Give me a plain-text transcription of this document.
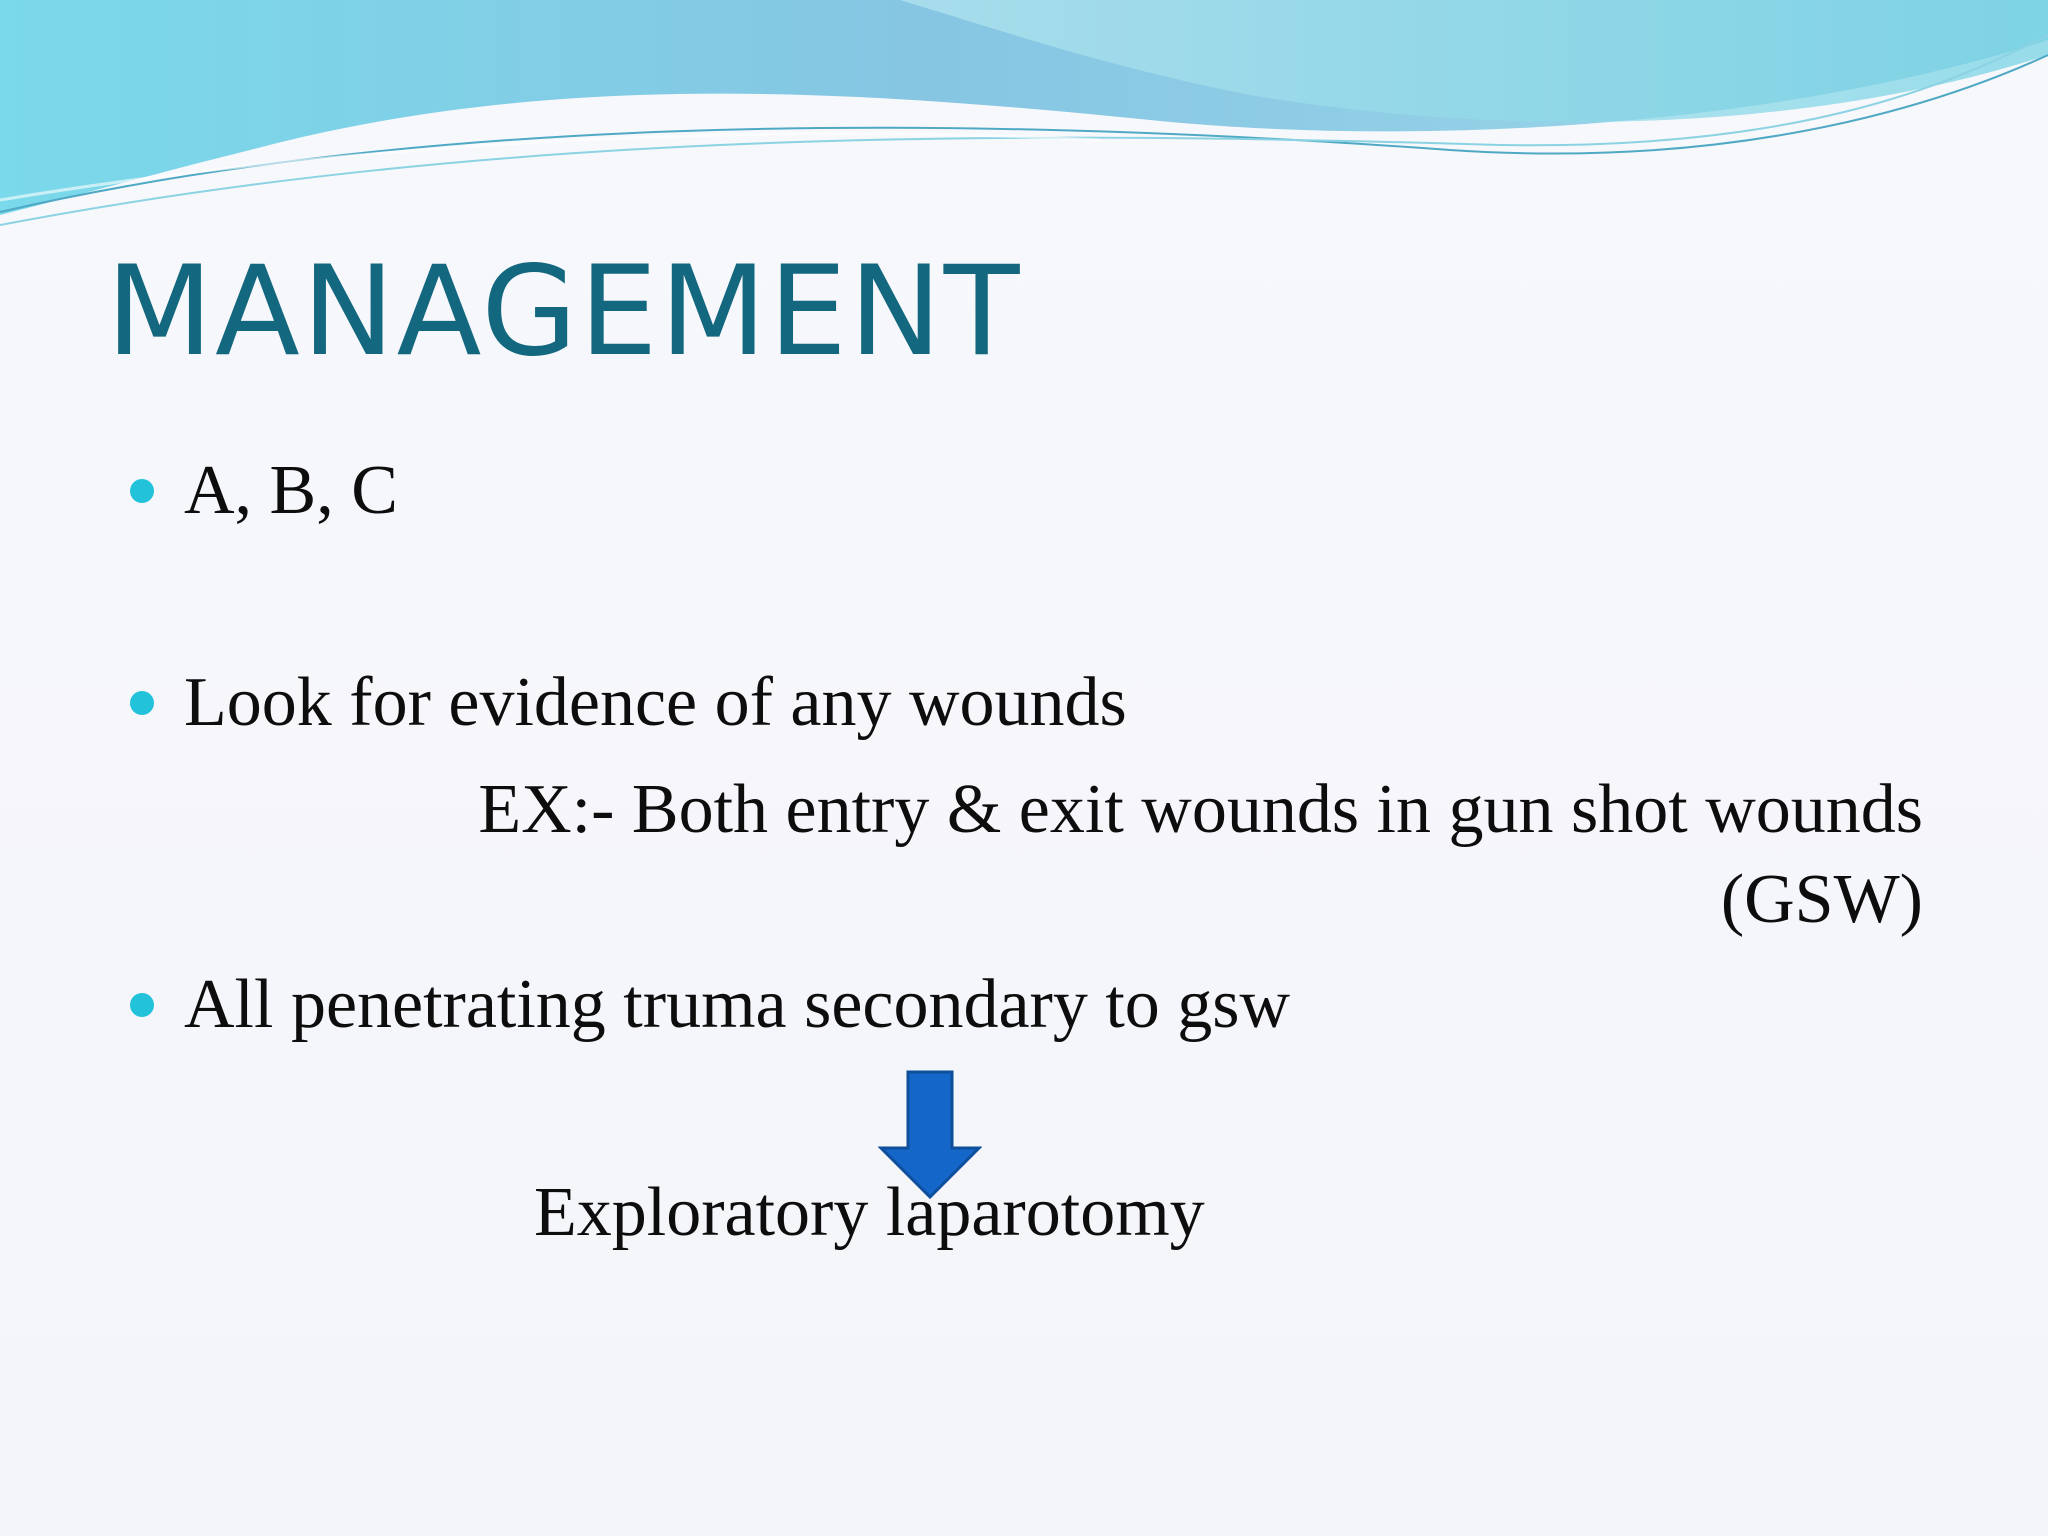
MANAGEMENT
A, B, C
Look for evidence of any wounds
EX:- Both entry & exit wounds in gun shot wounds
(GSW)
All penetrating truma secondary to gsw
Exploratory laparotomy
